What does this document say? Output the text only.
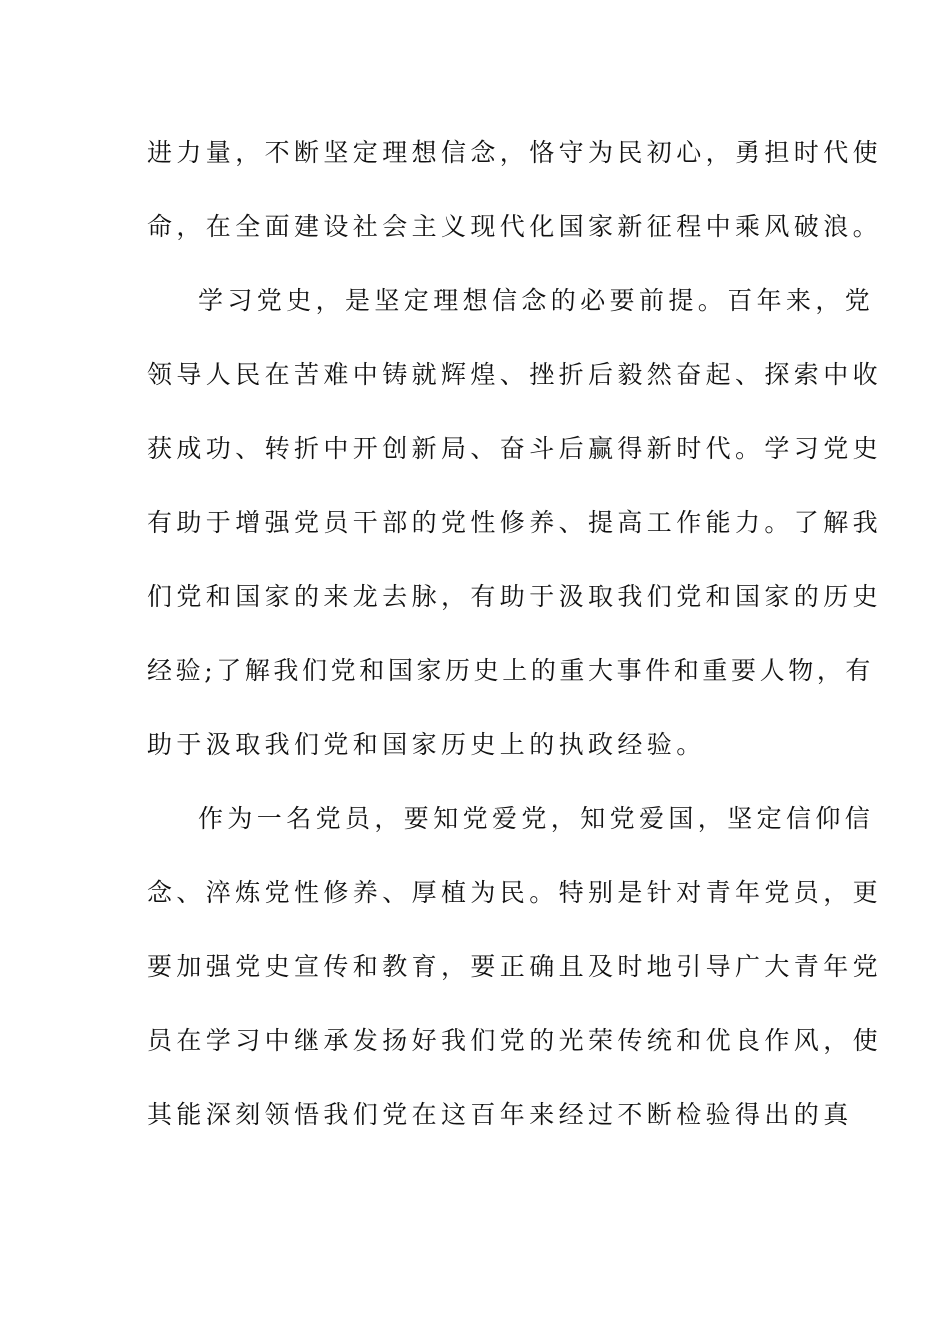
进力量，不断坚定理想信念，恪守为民初心，勇担时代使
命，在全面建设社会主义现代化国家新征程中乘风破浪。
学习党史，是坚定理想信念的必要前提。百年来，党
领导人民在苦难中铸就辉煌、挫折后毅然奋起、探索中收
获成功、转折中开创新局、奋斗后赢得新时代。学习党史
有助于增强党员干部的党性修养、提高工作能力。了解我
们党和国家的来龙去脉，有助于汲取我们党和国家的历史
经验;了解我们党和国家历史上的重大事件和重要人物，有
助于汲取我们党和国家历史上的执政经验。
作为一名党员，要知党爱党，知党爱国，坚定信仰信
念、淬炼党性修养、厚植为民。特别是针对青年党员，更
要加强党史宣传和教育，要正确且及时地引导广大青年党
员在学习中继承发扬好我们党的光荣传统和优良作风，使
其能深刻领悟我们党在这百年来经过不断检验得出的真
